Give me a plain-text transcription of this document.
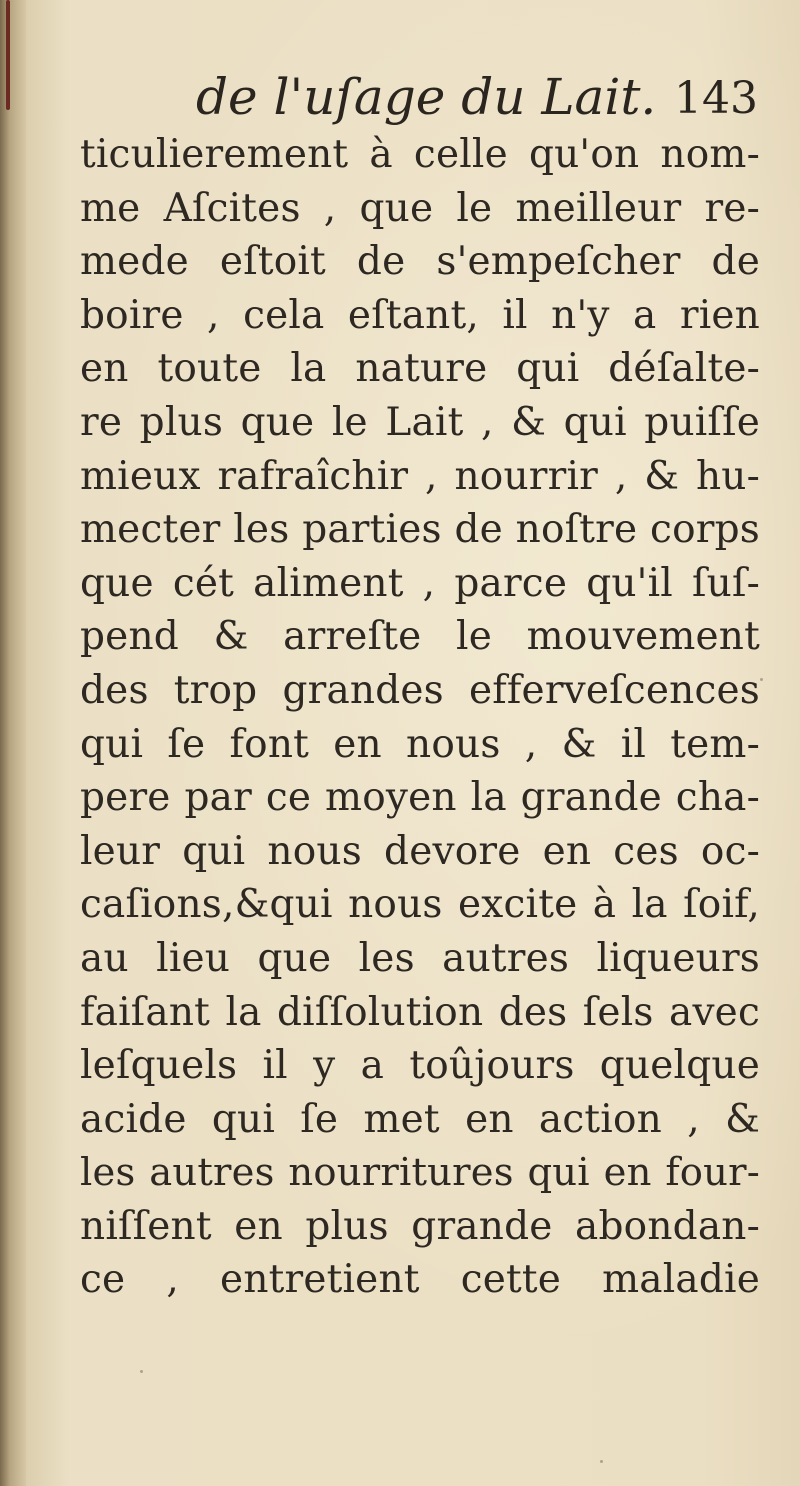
de l'uſage du Lait. 143
ticulierement à celle qu'on nom-
me Aſcites , que le meilleur re-
mede eſtoit de s'empeſcher de
boire , cela eſtant, il n'y a rien
en toute la nature qui déſalte-
re plus que le Lait , & qui puiſſe
mieux rafraîchir , nourrir , & hu-
mecter les parties de noſtre corps
que cét aliment , parce qu'il ſuſ-
pend & arreſte le mouvement
des trop grandes efferveſcences
qui ſe font en nous , & il tem-
pere par ce moyen la grande cha-
leur qui nous devore en ces oc-
caſions,&qui nous excite à la ſoif,
au lieu que les autres liqueurs
faiſant la diſſolution des ſels avec
leſquels il y a toûjours quelque
acide qui ſe met en action , &
les autres nourritures qui en four-
niſſent en plus grande abondan-
ce , entretient cette maladie
